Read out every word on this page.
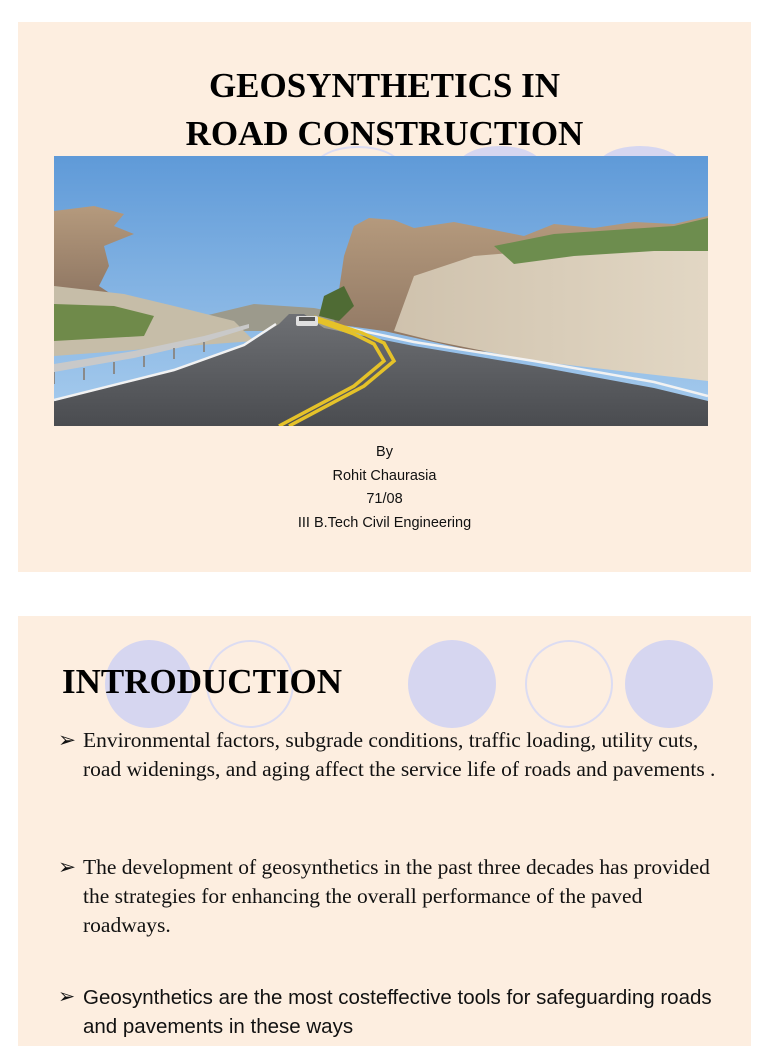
GEOSYNTHETICS IN
ROAD CONSTRUCTION
By
Rohit Chaurasia
71/08
III B.Tech Civil Engineering
INTRODUCTION
➢ Environmental factors, subgrade conditions, traffic loading, utility cuts, road widenings, and aging affect the service life of roads and pavements .
➢ The development of geosynthetics in the past three decades has provided the strategies for enhancing the overall performance of the paved roadways.
➢ Geosynthetics are the most costeffective tools for safeguarding roads and pavements in these ways
